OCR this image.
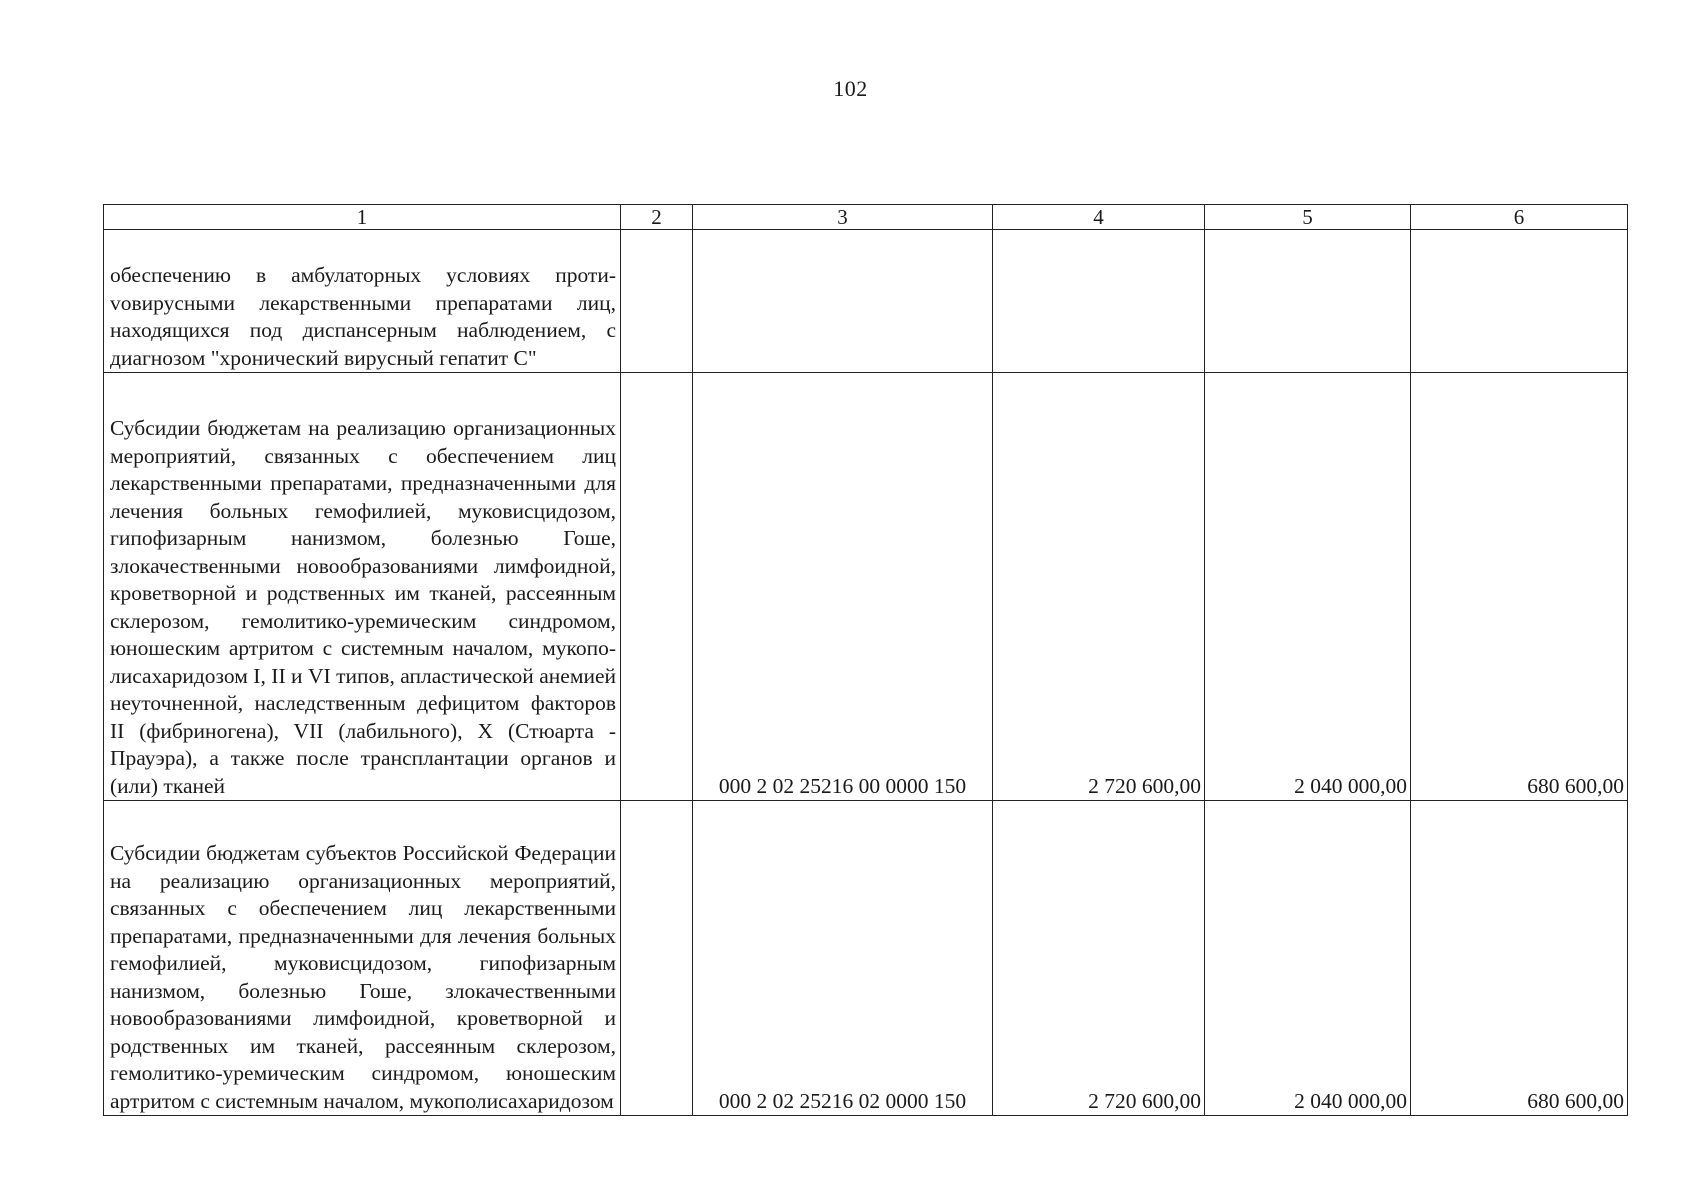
102
1	2	3	4	5	6

обеспечению в амбулаторных условиях протиvовирусными лекарственными препаратами лиц, находящихся под диспансерным наблюдением, с диагнозом "хронический вирусный гепатит С"					

Субсидии бюджетам на реализацию организационных мероприятий, связанных с обеспечением лиц лекарственными препаратами, предназначенными для лечения больных гемофилией, муковисцидозом, гипофизарным нанизмом, болезнью Гоше, злокачественными новообразованиями лимфоидной, кроветворной и родственных им тканей, рассеянным склерозом, гемолитико-уремическим синдромом, юношеским артритом с системным началом, мукополисахаридозом I, II и VI типов, апластической анемией неуточненной, наследственным дефицитом факторов II (фибриногена), VII (лабильного), X (Стюарта - Прауэра), а также после трансплантации органов и (или) тканей		000 2 02 25216 00 0000 150	2 720 600,00	2 040 000,00	680 600,00

Субсидии бюджетам субъектов Российской Федерации на реализацию организационных мероприятий, связанных с обеспечением лиц лекарственными препаратами, предназначенными для лечения больных гемофилией, муковисцидозом, гипофизарным нанизмом, болезнью Гоше, злокачественными новообразованиями лимфоидной, кроветворной и родственных им тканей, рассеянным склерозом, гемолитико-уремическим синдромом, юношеским артритом с системным началом, мукополисахаридозом		000 2 02 25216 02 0000 150	2 720 600,00	2 040 000,00	680 600,00
